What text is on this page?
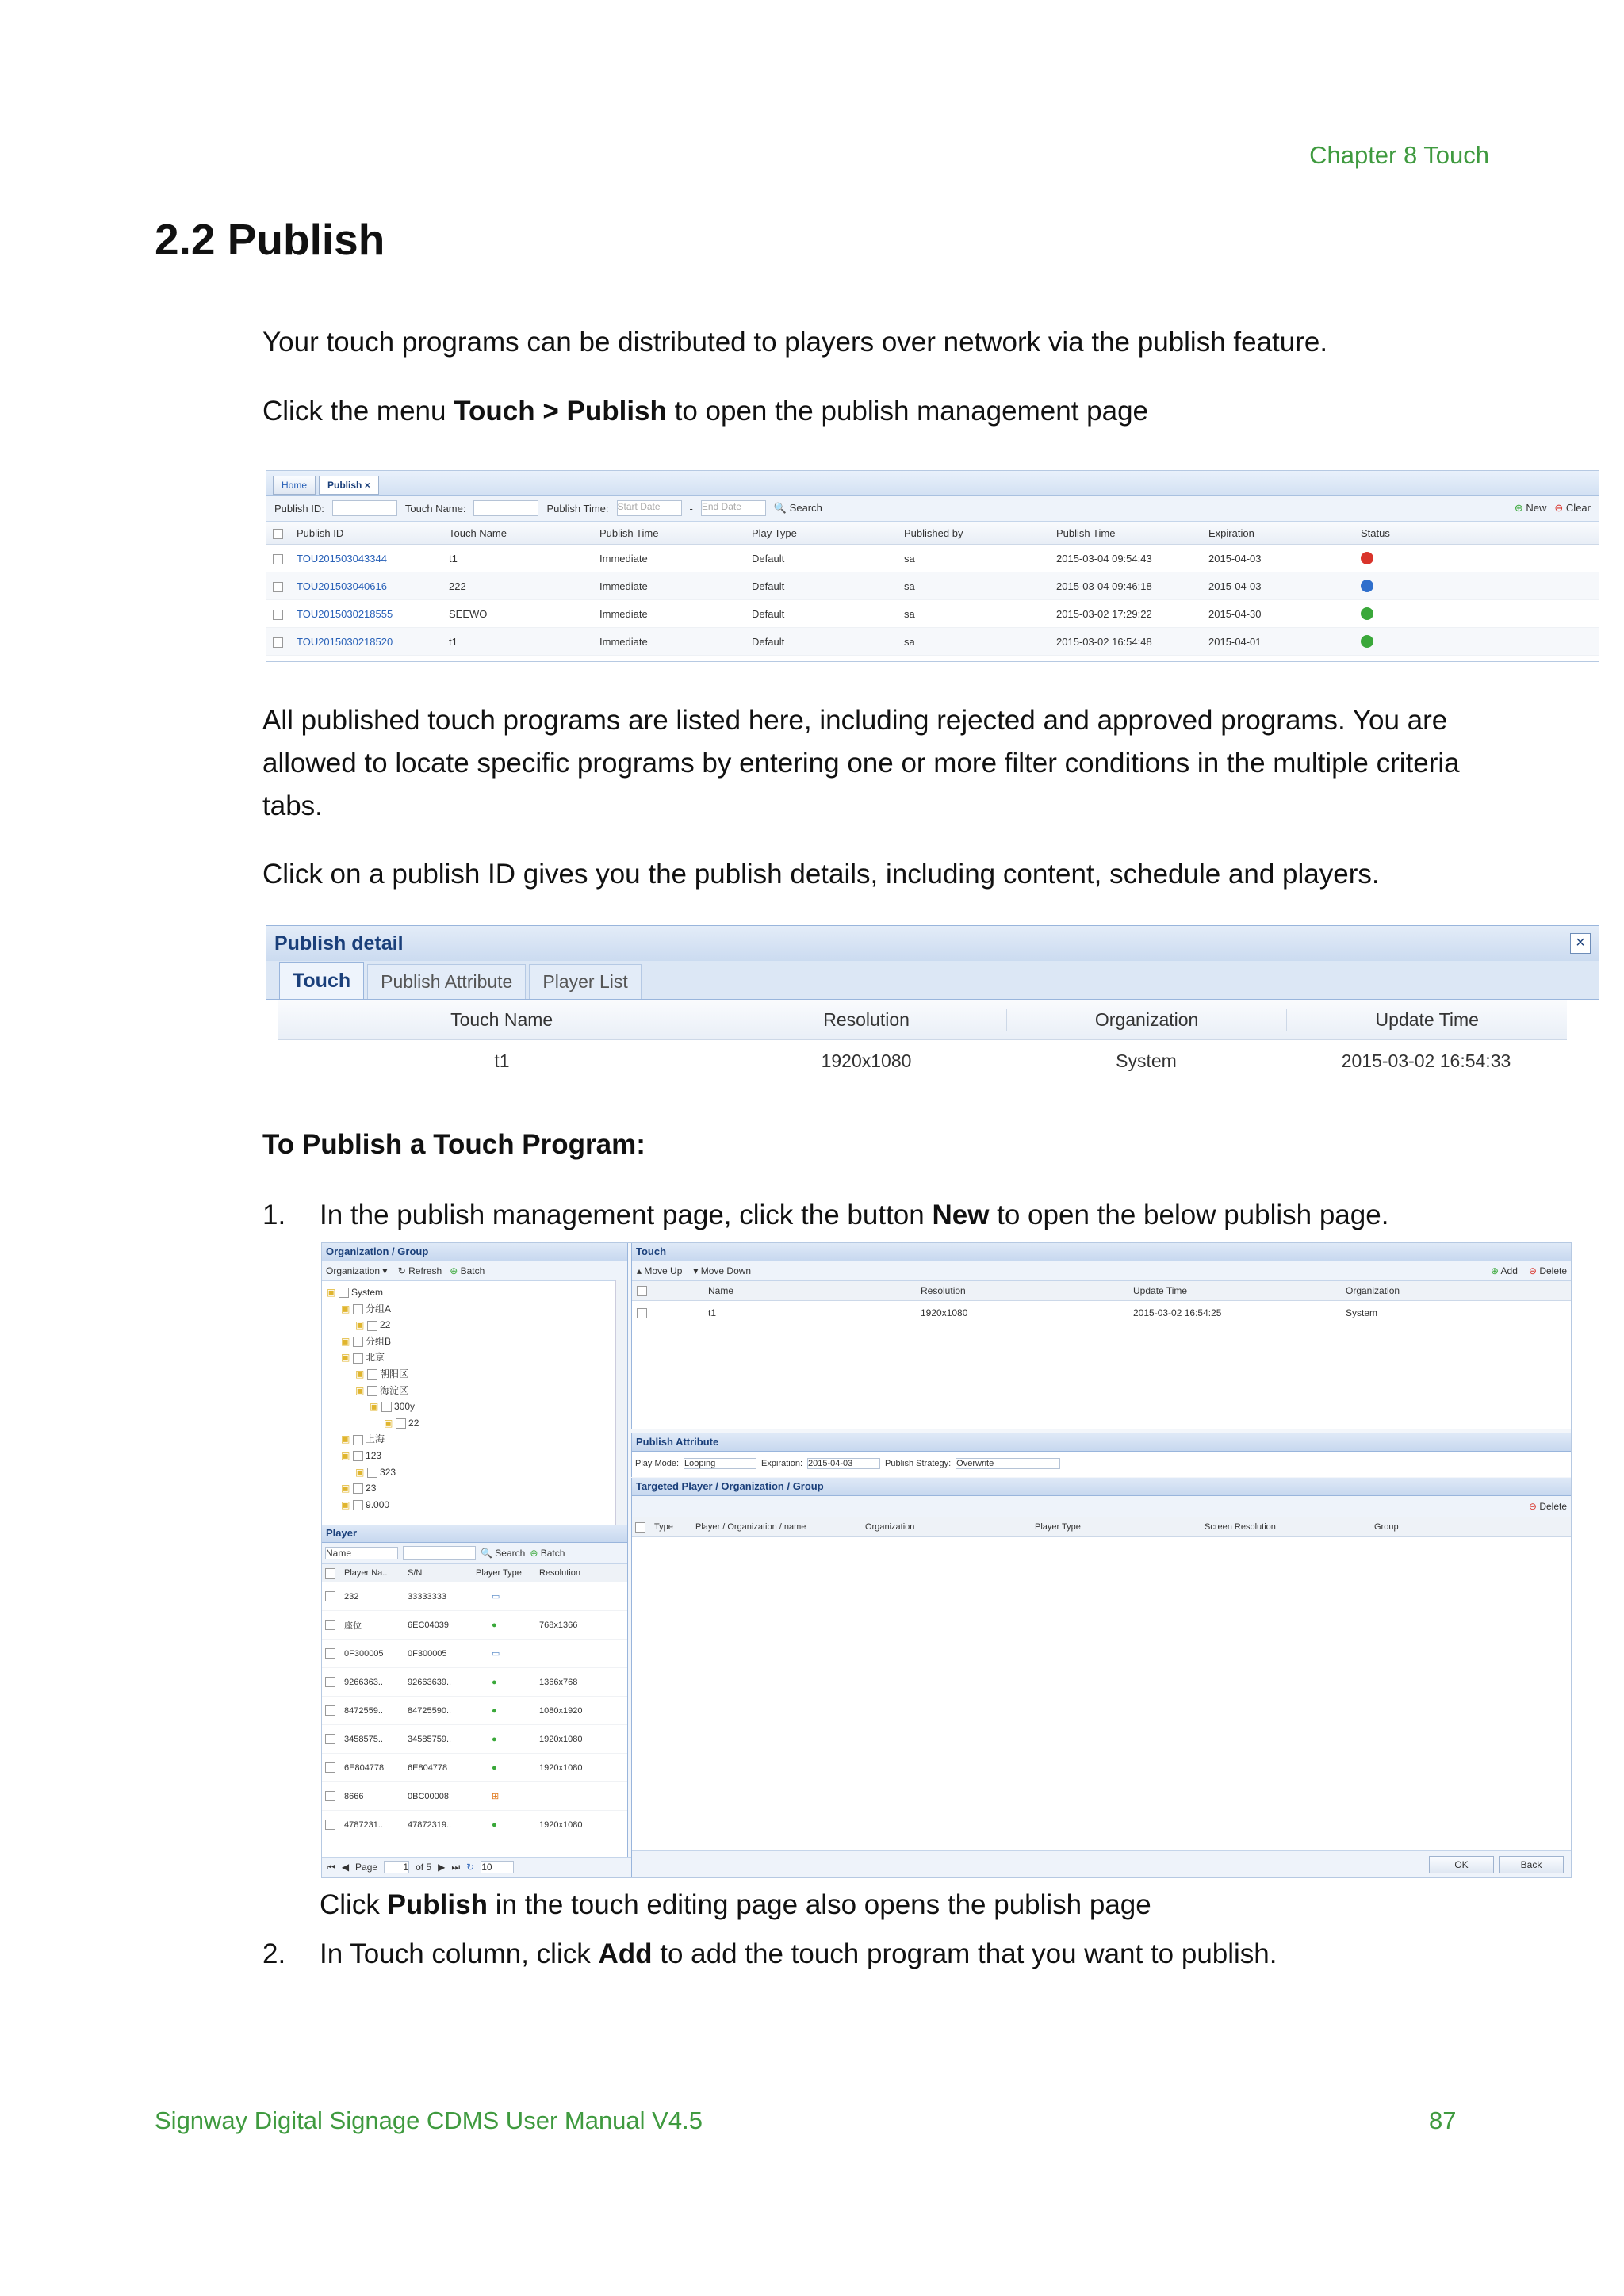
Chapter 8 Touch
2.2 Publish
Your touch programs can be distributed to players over network via the publish feature.
Click the menu Touch > Publish to open the publish management page
Home	Publish ×
Publish ID:	Touch Name:	Publish Time: Start Date	- End Date	🔍 Search	⊕ New ⊖ Clear
Publish ID	Touch Name	Publish Time	Play Type	Published by	Publish Time	Expiration	Status
TOU201503043344	t1	Immediate	Default	sa	2015-03-04 09:54:43	2015-04-03
TOU201503040616	222	Immediate	Default	sa	2015-03-04 09:46:18	2015-04-03
TOU2015030218555	SEEWO	Immediate	Default	sa	2015-03-02 17:29:22	2015-04-30
TOU2015030218520	t1	Immediate	Default	sa	2015-03-02 16:54:48	2015-04-01
All published touch programs are listed here, including rejected and approved programs. You are allowed to locate specific programs by entering one or more filter conditions in the multiple criteria tabs.
Click on a publish ID gives you the publish details, including content, schedule and players.
Publish detail	×
Touch	Publish Attribute	Player List
Touch Name	Resolution	Organization	Update Time
t1	1920x1080	System	2015-03-02 16:54:33
To Publish a Touch Program:
1. In the publish management page, click the button New to open the below publish page.
Organization / Group
Organization ▾    ↻ Refresh ⊕ Batch
▣ System
▣ 分组A
▣ 22
▣ 分组B
▣ 北京
▣ 朝阳区
▣ 海淀区
▣ 300y
▣ 22
▣ 上海
▣ 123
▣ 323
▣ 23
▣ 9.000
Player
Name	🔍 Search ⊕ Batch
Player Na..	S/N	Player Type	Resolution
232	33333333	▭
座位	6EC04039	●	768x1366
0F300005	0F300005	▭
9266363..	92663639..	●	1366x768
8472559..	84725590..	●	1080x1920
3458575..	34585759..	●	1920x1080
6E804778	6E804778	●	1920x1080
8666	0BC00008	⊞
4787231..	47872319..	●	1920x1080
⏮ ◀ Page	1 of 5 ▶ ⏭ ↻ 10
Touch
▴ Move Up ▾ Move Down	⊕ Add ⊖ Delete
Name	Resolution	Update Time	Organization
t1	1920x1080	2015-03-02 16:54:25	System
Publish Attribute
Play Mode: Looping	Expiration: 2015-04-03	Publish Strategy: Overwrite
Targeted Player / Organization / Group
⊖ Delete
Type	Player / Organization / name	Organization	Player Type	Screen Resolution	Group
OK	Back
Click Publish in the touch editing page also opens the publish page
2. In Touch column, click Add to add the touch program that you want to publish.
Signway Digital Signage CDMS User Manual V4.5	87
